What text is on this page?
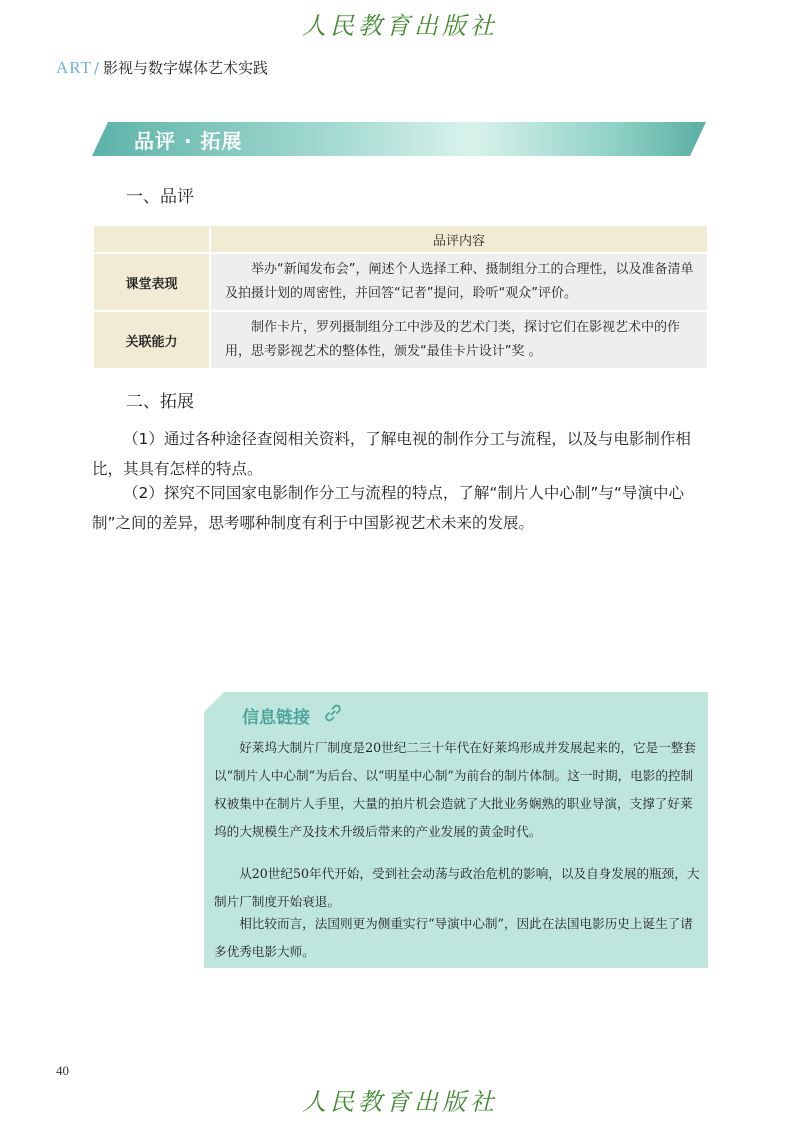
人民教育出版社
ART / 影视与数字媒体艺术实践
品评 · 拓展
一、品评
	品评内容
课堂表现	举办“新闻发布会”，阐述个人选择工种、摄制组分工的合理性，以及准备清单及拍摄计划的周密性，并回答“记者”提问，聆听“观众”评价。
关联能力	制作卡片，罗列摄制组分工中涉及的艺术门类，探讨它们在影视艺术中的作用，思考影视艺术的整体性，颁发“最佳卡片设计”奖 。
二、拓展
（1）通过各种途径查阅相关资料，了解电视的制作分工与流程，以及与电影制作相比，其具有怎样的特点。
（2）探究不同国家电影制作分工与流程的特点，了解“制片人中心制”与“导演中心制”之间的差异，思考哪种制度有利于中国影视艺术未来的发展。
信息链接
好莱坞大制片厂制度是20世纪二三十年代在好莱坞形成并发展起来的，它是一整套以“制片人中心制”为后台、以“明星中心制”为前台的制片体制。这一时期，电影的控制权被集中在制片人手里，大量的拍片机会造就了大批业务娴熟的职业导演，支撑了好莱坞的大规模生产及技术升级后带来的产业发展的黄金时代。
从20世纪50年代开始，受到社会动荡与政治危机的影响，以及自身发展的瓶颈，大制片厂制度开始衰退。
相比较而言，法国则更为侧重实行“导演中心制”，因此在法国电影历史上诞生了诸多优秀电影大师。
40
人民教育出版社
